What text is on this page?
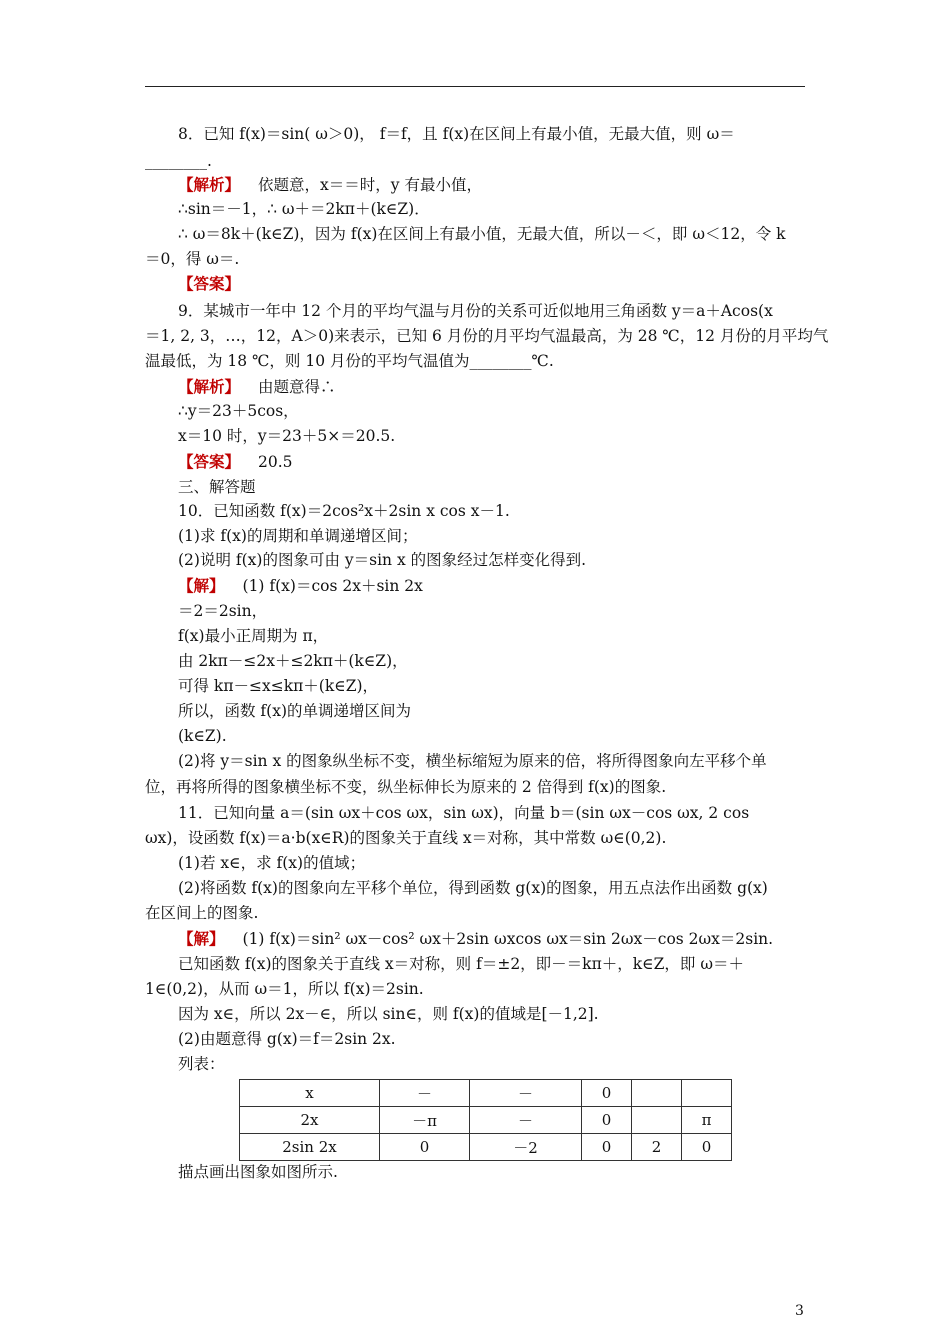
8．已知 f(x)＝sin( ω＞0)， f＝f，且 f(x)在区间上有最小值，无最大值，则 ω＝
________.
【解析】 依题意，x＝＝时，y 有最小值，
∴sin＝－1，∴ ω＋＝2kπ＋(k∈Z)．
∴ ω＝8k＋(k∈Z)，因为 f(x)在区间上有最小值，无最大值，所以－＜，即 ω＜12，令 k
＝0，得 ω＝.
【答案】
9．某城市一年中 12 个月的平均气温与月份的关系可近似地用三角函数 y＝a＋Acos(x
＝1, 2, 3，…，12，A＞0)来表示，已知 6 月份的月平均气温最高，为 28 ℃，12 月份的月平均气
温最低，为 18 ℃，则 10 月份的平均气温值为________℃.
【解析】 由题意得∴
∴y＝23＋5cos，
x＝10 时，y＝23＋5×＝20.5.
【答案】 20.5
三、解答题
10．已知函数 f(x)＝2cos²x＋2sin x cos x－1.
(1)求 f(x)的周期和单调递增区间；
(2)说明 f(x)的图象可由 y＝sin x 的图象经过怎样变化得到.
【解】 (1) f(x)＝cos 2x＋sin 2x
＝2＝2sin，
f(x)最小正周期为 π，
由 2kπ－≤2x＋≤2kπ＋(k∈Z)，
可得 kπ－≤x≤kπ＋(k∈Z)，
所以，函数 f(x)的单调递增区间为
(k∈Z).
(2)将 y＝sin x 的图象纵坐标不变，横坐标缩短为原来的倍，将所得图象向左平移个单
位，再将所得的图象横坐标不变，纵坐标伸长为原来的 2 倍得到 f(x)的图象.
11．已知向量 a＝(sin ωx＋cos ωx，sin ωx)，向量 b＝(sin ωx－cos ωx, 2 cos
ωx)，设函数 f(x)＝a·b(x∈R)的图象关于直线 x＝对称，其中常数 ω∈(0,2).
(1)若 x∈，求 f(x)的值域；
(2)将函数 f(x)的图象向左平移个单位，得到函数 g(x)的图象，用五点法作出函数 g(x)
在区间上的图象.
【解】 (1) f(x)＝sin² ωx－cos² ωx＋2sin ωxcos ωx＝sin 2ωx－cos 2ωx＝2sin.
已知函数 f(x)的图象关于直线 x＝对称，则 f＝±2，即－＝kπ＋，k∈Z，即 ω＝＋
1∈(0,2)，从而 ω＝1，所以 f(x)＝2sin.
因为 x∈，所以 2x－∈，所以 sin∈，则 f(x)的值域是[－1,2].
(2)由题意得 g(x)＝f＝2sin 2x.
列表：
x	－	－	0		
2x	－π	－	0		π
2sin 2x	0	－2	0	2	0
描点画出图象如图所示.
3
